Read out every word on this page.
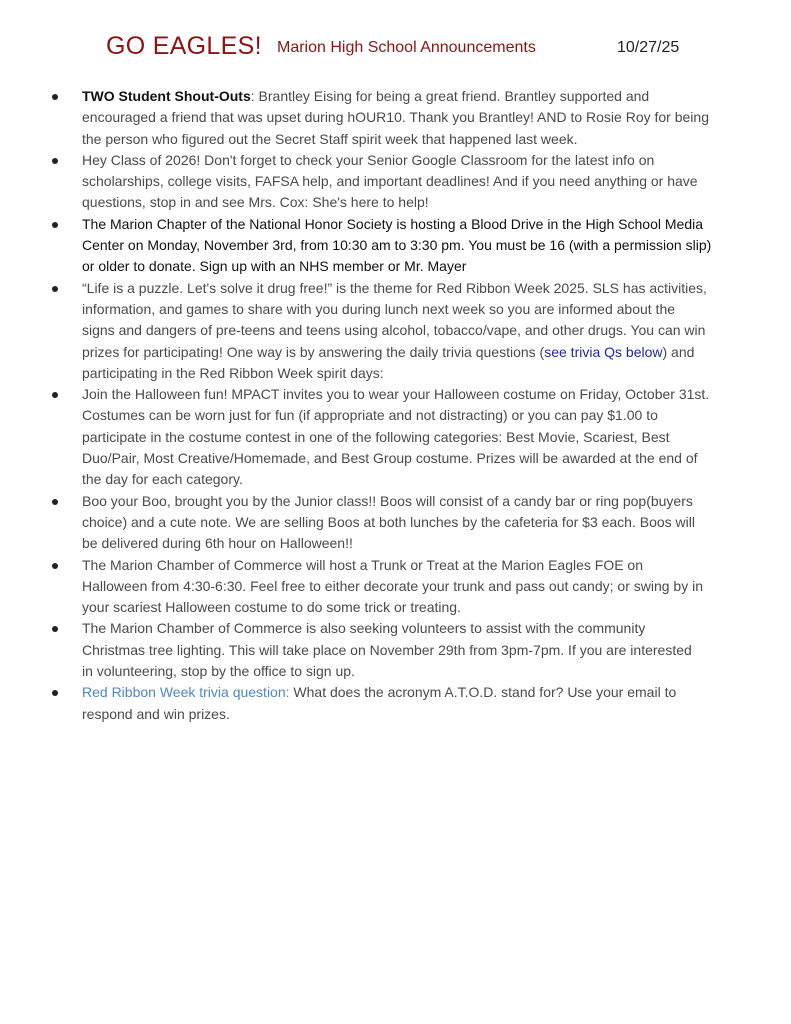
GO EAGLES! Marion High School Announcements	10/27/25
TWO Student Shout-Outs: Brantley Eising for being a great friend. Brantley supported and
encouraged a friend that was upset during hOUR10. Thank you Brantley! AND to Rosie Roy for being
the person who figured out the Secret Staff spirit week that happened last week.
Hey Class of 2026! Don't forget to check your Senior Google Classroom for the latest info on
scholarships, college visits, FAFSA help, and important deadlines! And if you need anything or have
questions, stop in and see Mrs. Cox: She's here to help!
The Marion Chapter of the National Honor Society is hosting a Blood Drive in the High School Media
Center on Monday, November 3rd, from 10:30 am to 3:30 pm. You must be 16 (with a permission slip)
or older to donate. Sign up with an NHS member or Mr. Mayer
“Life is a puzzle. Let's solve it drug free!” is the theme for Red Ribbon Week 2025. SLS has activities,
information, and games to share with you during lunch next week so you are informed about the
signs and dangers of pre-teens and teens using alcohol, tobacco/vape, and other drugs. You can win
prizes for participating! One way is by answering the daily trivia questions (see trivia Qs below) and
participating in the Red Ribbon Week spirit days:
Join the Halloween fun! MPACT invites you to wear your Halloween costume on Friday, October 31st.
Costumes can be worn just for fun (if appropriate and not distracting) or you can pay $1.00 to
participate in the costume contest in one of the following categories: Best Movie, Scariest, Best
Duo/Pair, Most Creative/Homemade, and Best Group costume. Prizes will be awarded at the end of
the day for each category.
Boo your Boo, brought you by the Junior class!! Boos will consist of a candy bar or ring pop(buyers
choice) and a cute note. We are selling Boos at both lunches by the cafeteria for $3 each. Boos will
be delivered during 6th hour on Halloween!!
The Marion Chamber of Commerce will host a Trunk or Treat at the Marion Eagles FOE on
Halloween from 4:30-6:30. Feel free to either decorate your trunk and pass out candy; or swing by in
your scariest Halloween costume to do some trick or treating.
The Marion Chamber of Commerce is also seeking volunteers to assist with the community
Christmas tree lighting. This will take place on November 29th from 3pm-7pm. If you are interested
in volunteering, stop by the office to sign up.
Red Ribbon Week trivia question: What does the acronym A.T.O.D. stand for? Use your email to
respond and win prizes.
